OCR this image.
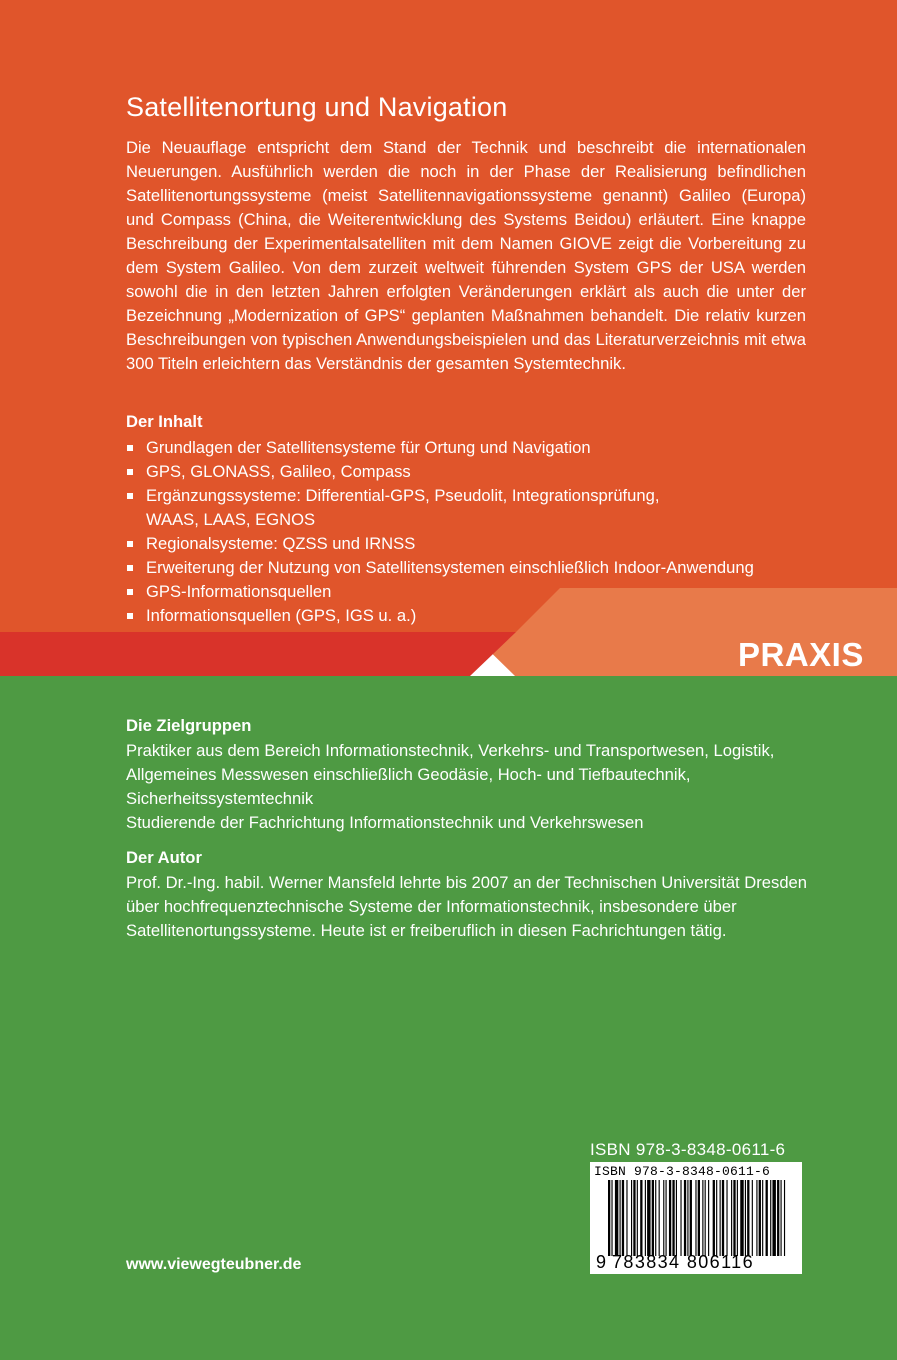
Satellitenortung und Navigation

Die Neuauflage entspricht dem Stand der Technik und beschreibt die internationalen Neuerungen. Ausführlich werden die noch in der Phase der Realisierung befindlichen Satellitenortungssysteme (meist Satellitennavigationssysteme genannt) Galileo (Europa) und Compass (China, die Weiterentwicklung des Systems Beidou) erläutert. Eine knappe Beschreibung der Experimentalsatelliten mit dem Namen GIOVE zeigt die Vorbereitung zu dem System Galileo. Von dem zurzeit weltweit führenden System GPS der USA werden sowohl die in den letzten Jahren erfolgten Veränderungen erklärt als auch die unter der Bezeichnung „Modernization of GPS“ geplanten Maßnahmen behandelt. Die relativ kurzen Beschreibungen von typischen Anwendungsbeispielen und das Literaturverzeichnis mit etwa 300 Titeln erleichtern das Verständnis der gesamten Systemtechnik.

Der Inhalt

Grundlagen der Satellitensysteme für Ortung und Navigation
GPS, GLONASS, Galileo, Compass
Ergänzungssysteme: Differential-GPS, Pseudolit, Integrationsprüfung, WAAS, LAAS, EGNOS
Regionalsysteme: QZSS und IRNSS
Erweiterung der Nutzung von Satellitensystemen einschließlich Indoor-Anwendung
GPS-Informationsquellen
Informationsquellen (GPS, IGS u. a.)
PRAXIS

Die Zielgruppen

Praktiker aus dem Bereich Informationstechnik, Verkehrs- und Transportwesen, Logistik, Allgemeines Messwesen einschließlich Geodäsie, Hoch- und Tiefbautechnik, Sicherheitssystemtechnik

Studierende der Fachrichtung Informationstechnik und Verkehrswesen

Der Autor

Prof. Dr.-Ing. habil. Werner Mansfeld lehrte bis 2007 an der Technischen Universität Dresden über hochfrequenztechnische Systeme der Informationstechnik, insbesondere über Satellitenortungssysteme. Heute ist er freiberuflich in diesen Fachrichtungen tätig.

www.viewegteubner.de
ISBN 978-3-8348-0611-6
ISBN 978-3-8348-0611-6
9 783834 806116
